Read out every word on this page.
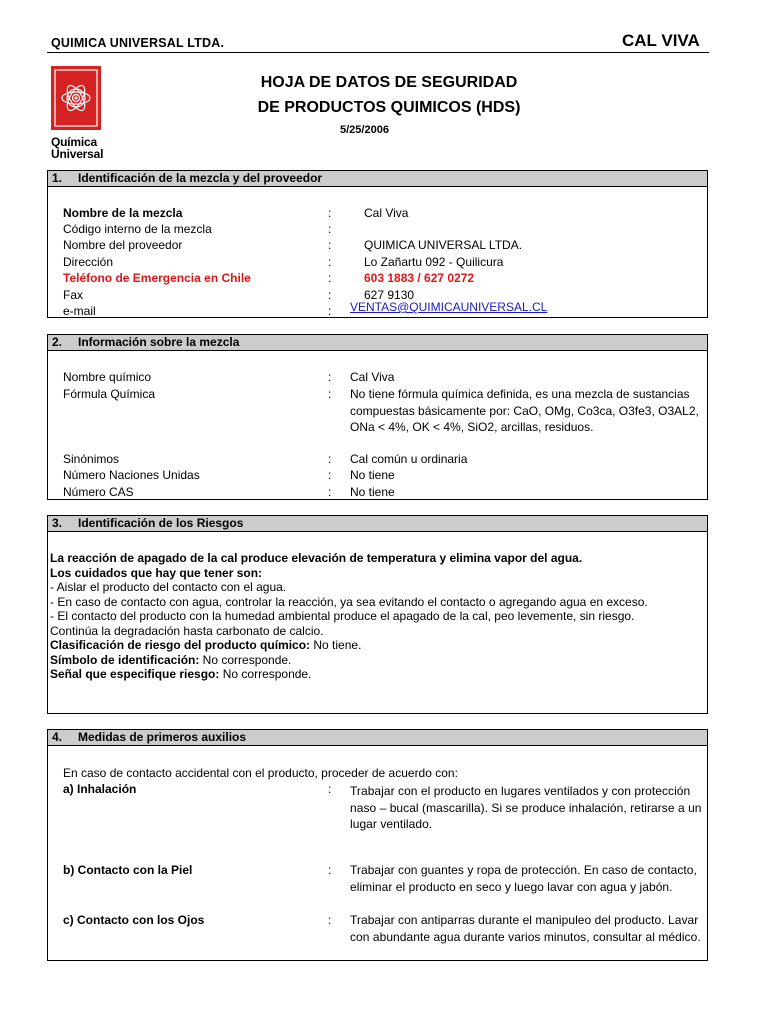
QUIMICA UNIVERSAL LTDA.	CAL VIVA
Química
Universal
HOJA DE DATOS DE SEGURIDAD
DE PRODUCTOS QUIMICOS (HDS)
5/25/2006
1. Identificación de la mezcla y del proveedor
Nombre de la mezcla	:	Cal Viva
Código interno de la mezcla	:
Nombre del proveedor	:	QUIMICA UNIVERSAL LTDA.
Dirección	:	Lo Zañartu 092 - Quilicura
Teléfono de Emergencia en Chile	:	603 1883 / 627 0272
Fax	:	627 9130
e-mail	: VENTAS@QUIMICAUNIVERSAL.CL
2. Información sobre la mezcla
Nombre químico	: Cal Viva
Fórmula Química	: No tiene fórmula química definida, es una mezcla de sustancias compuestas básicamente por: CaO, OMg, Co3ca, O3fe3, O3AL2, ONa < 4%, OK < 4%, SiO2, arcillas, residuos.
Sinónimos	: Cal común u ordinaria
Número Naciones Unidas	: No tiene
Número CAS	: No tiene
3. Identificación de los Riesgos
La reacción de apagado de la cal produce elevación de temperatura y elimina vapor del agua.
Los cuidados que hay que tener son:
- Aislar el producto del contacto con el agua.
- En caso de contacto con agua, controlar la reacción, ya sea evitando el contacto o agregando agua en exceso.
- El contacto del producto con la humedad ambiental produce el apagado de la cal, peo levemente, sin riesgo.
Continúa la degradación hasta carbonato de calcio.
Clasificación de riesgo del producto químico: No tiene.
Símbolo de identificación: No corresponde.
Señal que especifique riesgo: No corresponde.
4. Medidas de primeros auxilios
En caso de contacto accidental con el producto, proceder de acuerdo con:
a) Inhalación	: Trabajar con el producto en lugares ventilados y con protección naso – bucal (mascarilla). Si se produce inhalación, retirarse a un lugar ventilado.
b) Contacto con la Piel	: Trabajar con guantes y ropa de protección. En caso de contacto, eliminar el producto en seco y luego lavar con agua y jabón.
c) Contacto con los Ojos	: Trabajar con antiparras durante el manipuleo del producto. Lavar con abundante agua durante varios minutos, consultar al médico.
